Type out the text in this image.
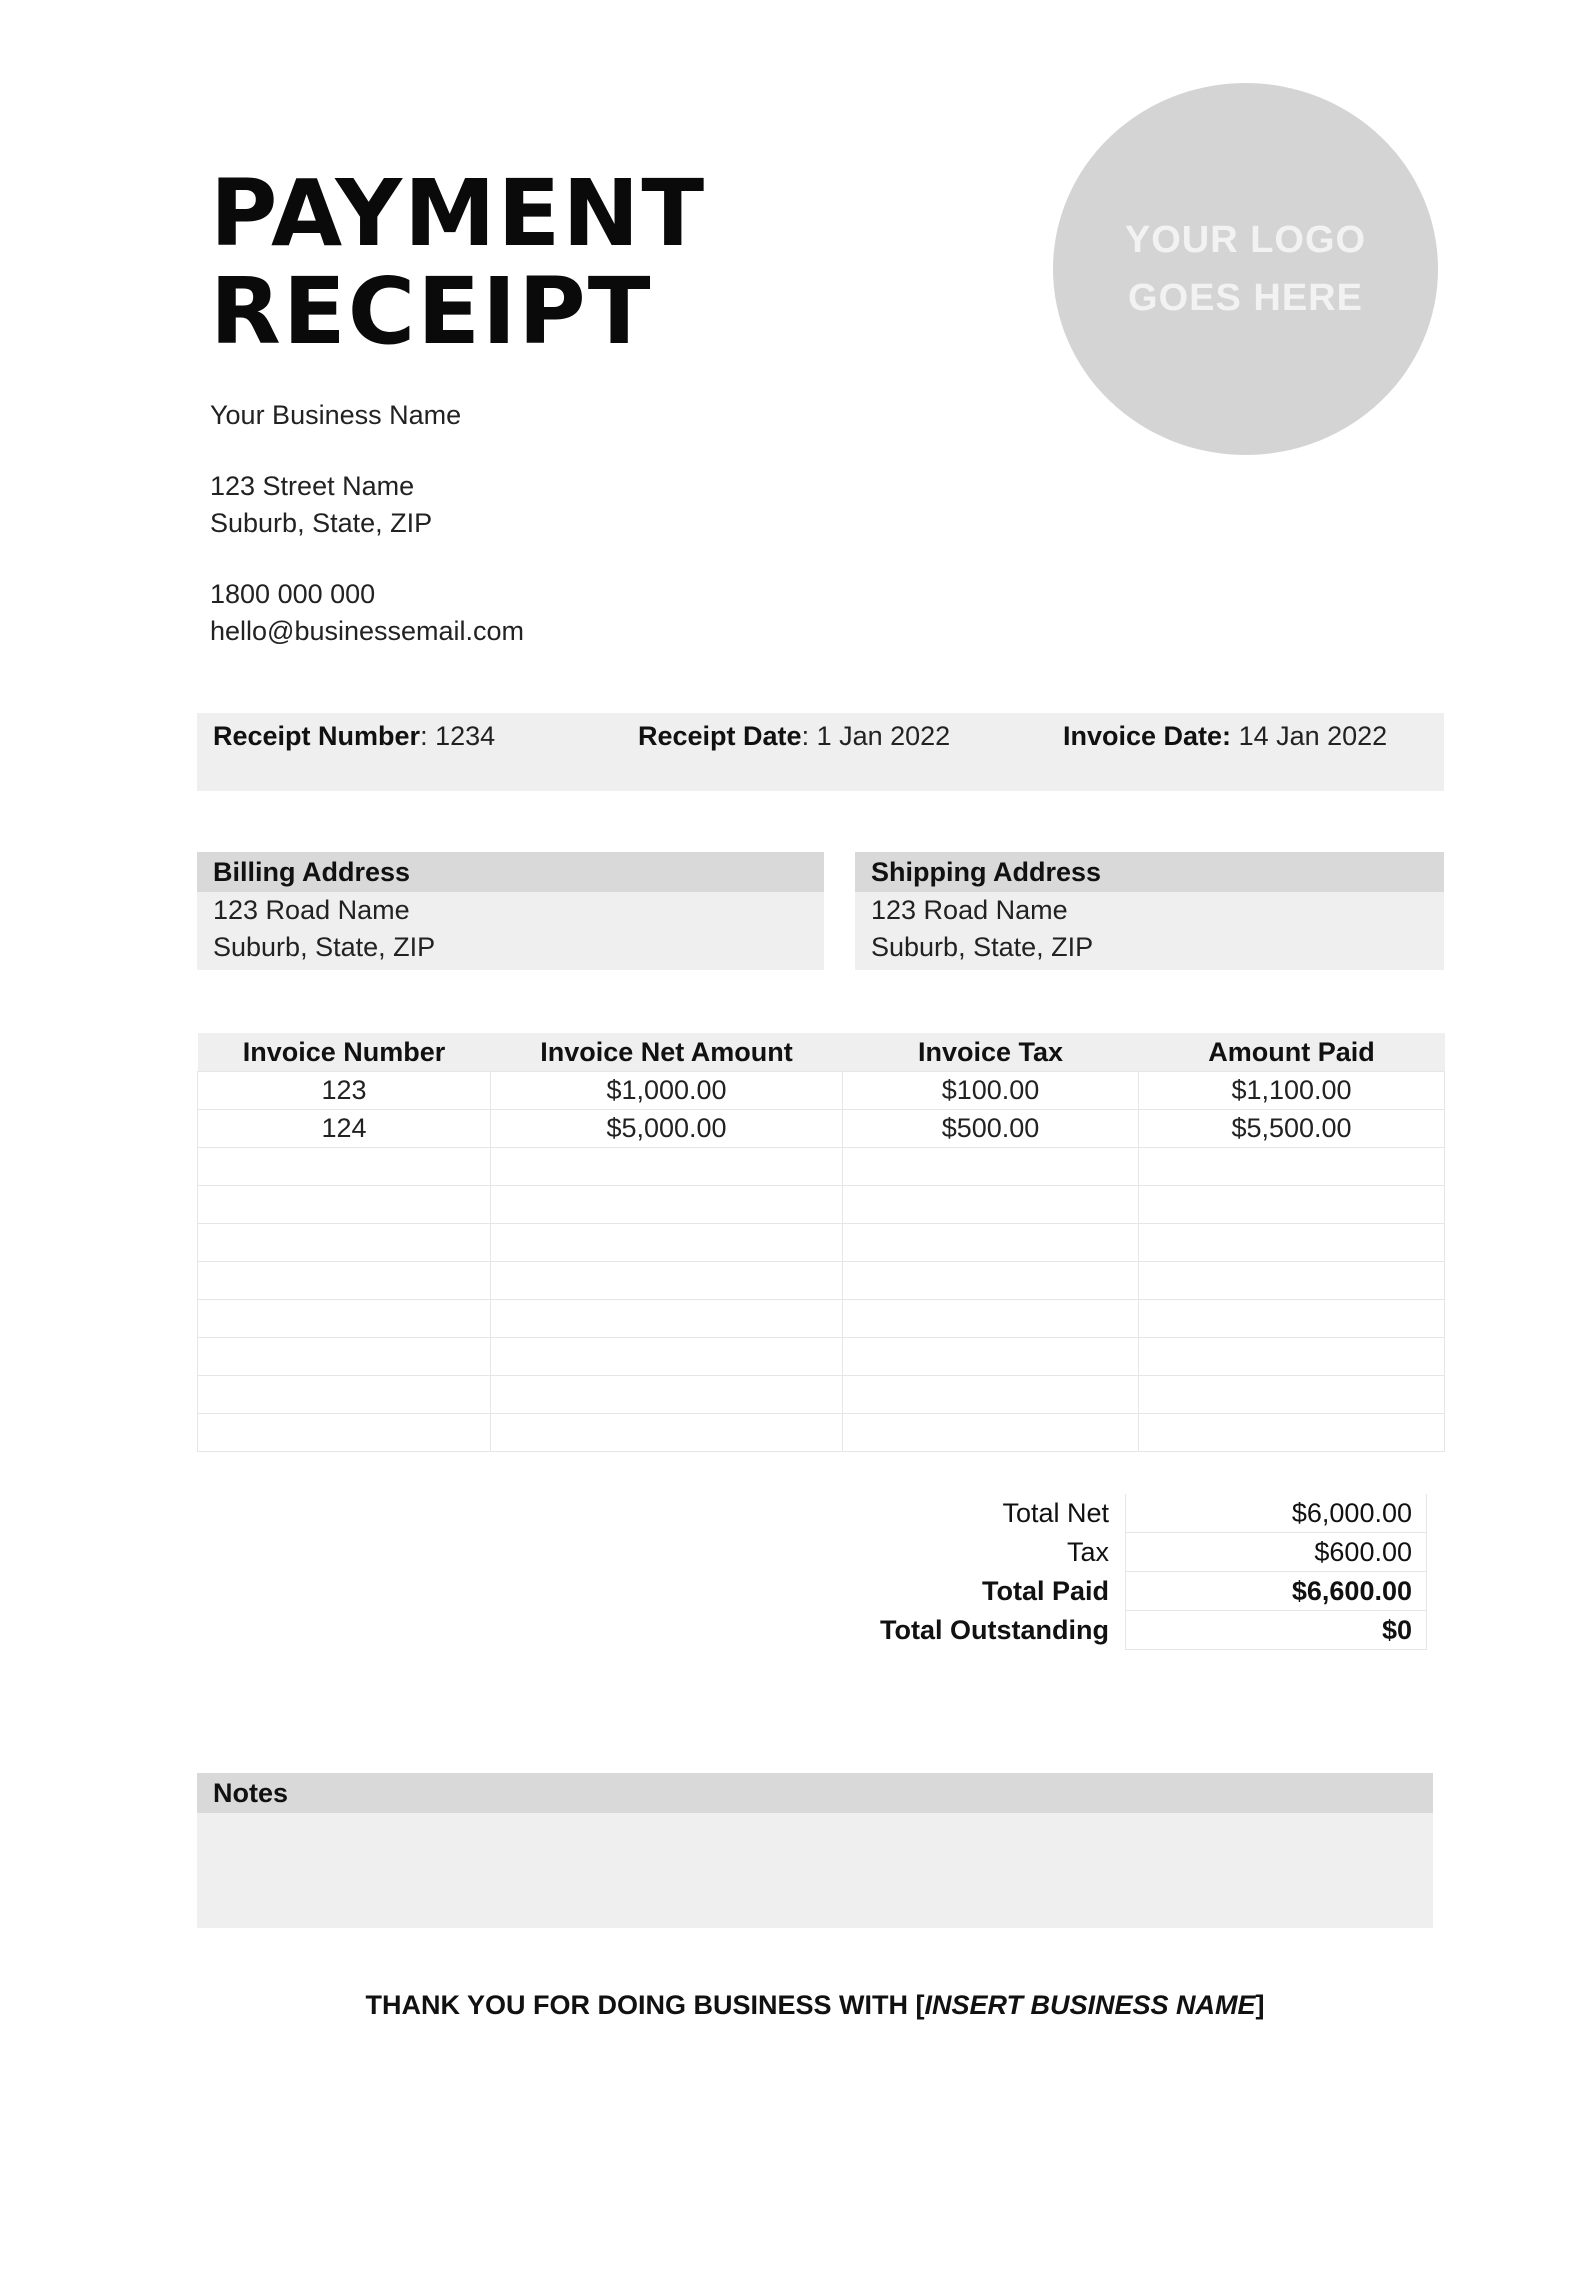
PAYMENT
RECEIPT
YOUR LOGO
GOES HERE
Your Business Name
123 Street Name
Suburb, State, ZIP
1800 000 000
hello@businessemail.com
Receipt Number: 1234	Receipt Date: 1 Jan 2022	Invoice Date: 14 Jan 2022
Billing Address
123 Road Name
Suburb, State, ZIP
Shipping Address
123 Road Name
Suburb, State, ZIP
Invoice Number	Invoice Net Amount	Invoice Tax	Amount Paid
123	$1,000.00	$100.00	$1,100.00
124	$5,000.00	$500.00	$5,500.00

Total Net	$6,000.00
Tax	$600.00
Total Paid	$6,600.00
Total Outstanding	$0
Notes
THANK YOU FOR DOING BUSINESS WITH [INSERT BUSINESS NAME]
